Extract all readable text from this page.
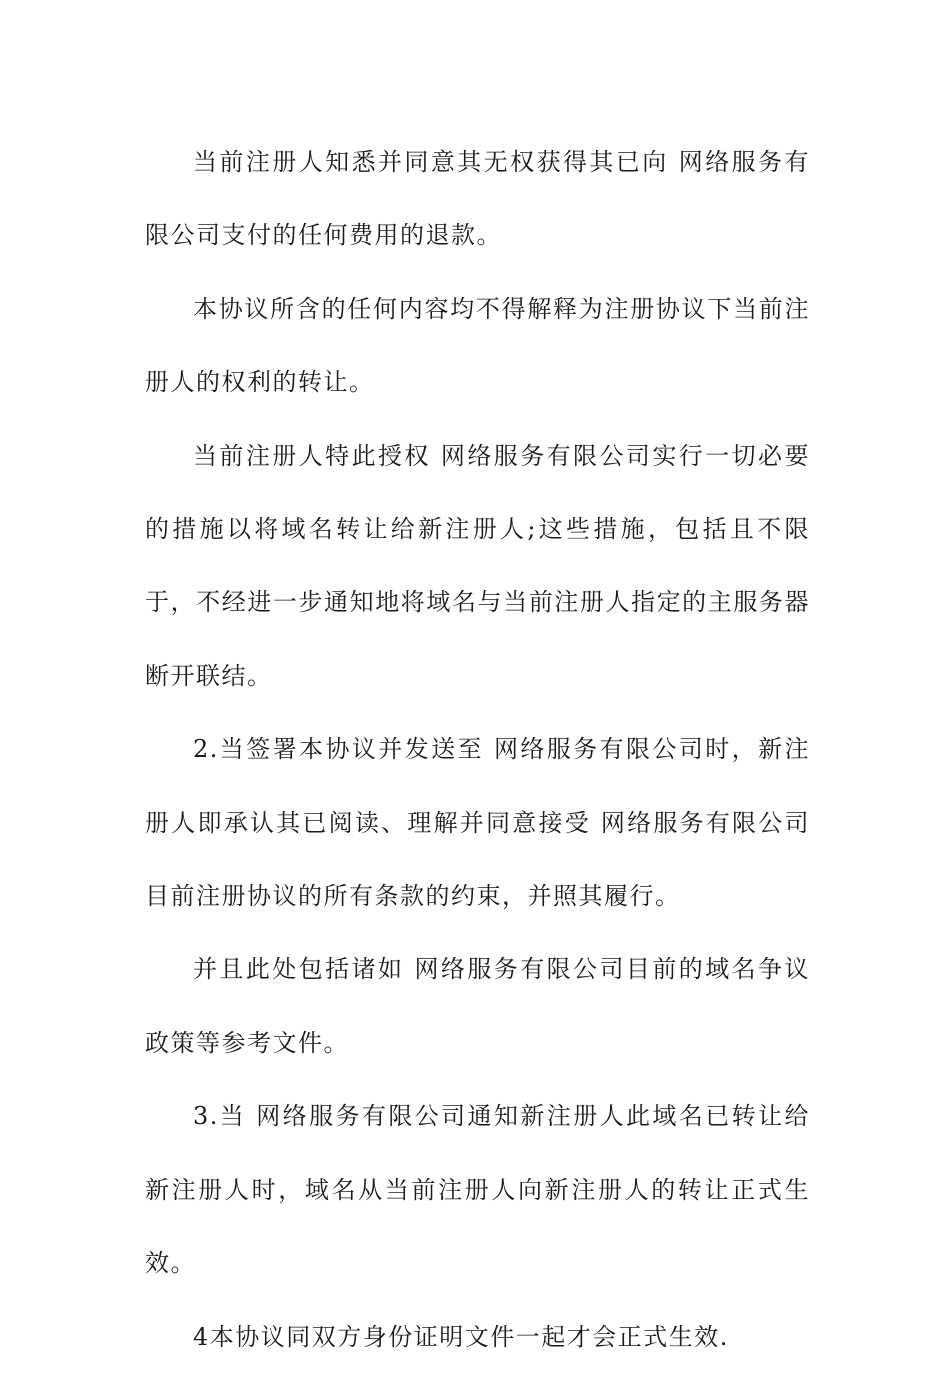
当前注册人知悉并同意其无权获得其已向 网络服务有限公司支付的任何费用的退款。

本协议所含的任何内容均不得解释为注册协议下当前注册人的权利的转让。

当前注册人特此授权 网络服务有限公司实行一切必要的措施以将域名转让给新注册人;这些措施，包括且不限于，不经进一步通知地将域名与当前注册人指定的主服务器断开联结。

2.当签署本协议并发送至 网络服务有限公司时，新注册人即承认其已阅读、理解并同意接受 网络服务有限公司目前注册协议的所有条款的约束，并照其履行。

并且此处包括诸如 网络服务有限公司目前的域名争议政策等参考文件。

3.当 网络服务有限公司通知新注册人此域名已转让给新注册人时，域名从当前注册人向新注册人的转让正式生效。

4本协议同双方身份证明文件一起才会正式生效.
